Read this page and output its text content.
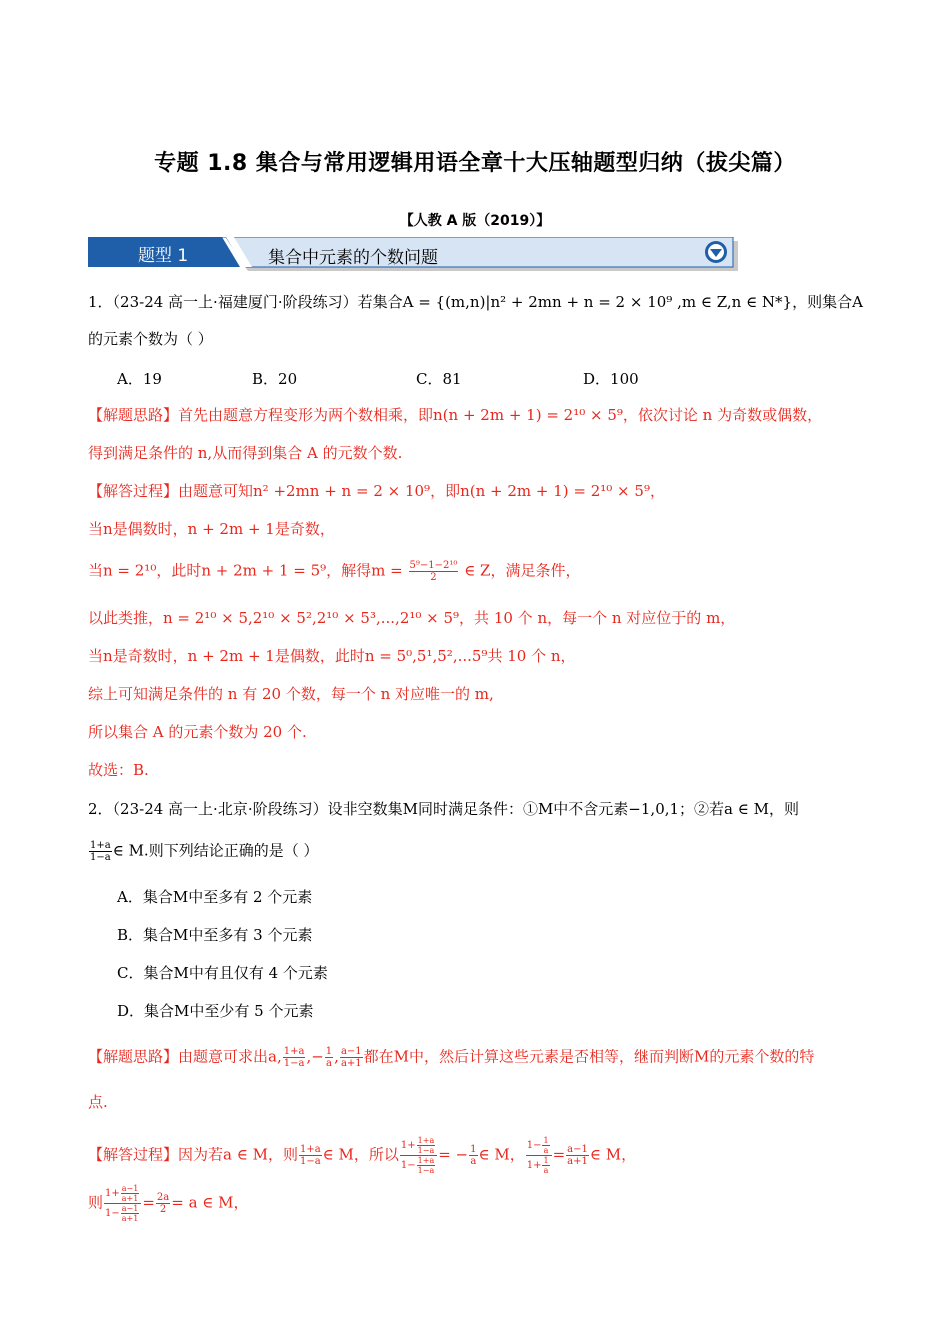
专题 1.8 集合与常用逻辑用语全章十大压轴题型归纳（拔尖篇）
【人教 A 版（2019）】
题型 1	集合中元素的个数问题
1．（23-24 高一上·福建厦门·阶段练习）若集合A = {(m,n)|n² + 2mn + n = 2 × 10⁹ ,m ∈ Z,n ∈ N*}，则集合A
的元素个数为（ ）
A．19	B．20	C．81	D．100
【解题思路】首先由题意方程变形为两个数相乘，即n(n + 2m + 1) = 2¹⁰ × 5⁹，依次讨论 n 为奇数或偶数，
得到满足条件的 n,从而得到集合 A 的元数个数.
【解答过程】由题意可知n² +2mn + n = 2 × 10⁹，即n(n + 2m + 1) = 2¹⁰ × 5⁹，
当n是偶数时，n + 2m + 1是奇数，
当n = 2¹⁰，此时n + 2m + 1 = 5⁹，解得$m = \frac{\text{5⁹−1−2¹⁰}}{2}$ ∈ Z，满足条件，
以此类推，n = 2¹⁰ × 5,2¹⁰ × 5²,2¹⁰ × 5³,...,2¹⁰ × 5⁹，共 10 个 n，每一个 n 对应位于的 m，
当n是奇数时，n + 2m + 1是偶数，此时n = 5⁰,5¹,5²,...5⁹共 10 个 n，
综上可知满足条件的 n 有 20 个数，每一个 n 对应唯一的 m,
所以集合 A 的元素个数为 20 个.
故选：B.
2．（23-24 高一上·北京·阶段练习）设非空数集M同时满足条件：①M中不含元素−1,0,1；②若a ∈ M，则
$\frac{1+a}{1-a}$ ∈ M.则下列结论正确的是（ ）
A．集合M中至多有 2 个元素
B．集合M中至多有 3 个元素
C．集合M中有且仅有 4 个元素
D．集合M中至少有 5 个元素
【解题思路】由题意可求出a, $\frac{1+a}{1-a}$ ,− $\frac{1}{a}$ , $\frac{a-1}{a+1}$ 都在M中，然后计算这些元素是否相等，继而判断M的元素个数的特
点.
【解答过程】因为若a ∈ M，则 $\frac{1+a}{1-a}$ ∈ M，所以 $\frac{1+ \frac{1+a}{1-a}}{1- \frac{1+a}{1-a}}$ = − $\frac{1}{a}$ ∈ M， $\frac{1- \frac{1}{a}}{1+ \frac{1}{a}} = \frac{a-1}{a+1}$ ∈ M，
则 $\frac{1+ \frac{a-1}{a+1}}{1- \frac{a-1}{a+1}} = \frac{2a}{2} = a$ ∈ M，
